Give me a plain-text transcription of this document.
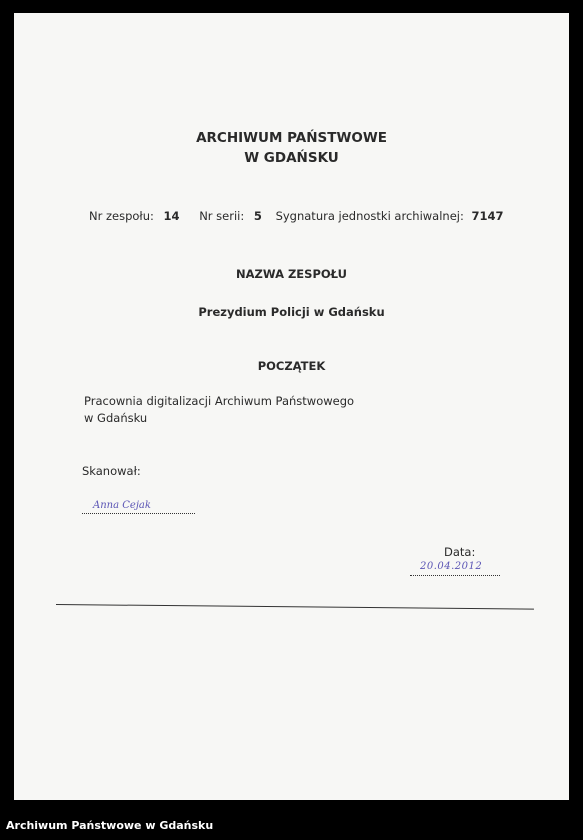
ARCHIWUM PAŃSTWOWE
W GDAŃSKU
Nr zespołu: 14 Nr serii: 5 Sygnatura jednostki archiwalnej: 7147
NAZWA ZESPOŁU
Prezydium Policji w Gdańsku
POCZĄTEK
Pracownia digitalizacji Archiwum Państwowego
w Gdańsku
Skanował:
Anna Cejak
Data:
20.04.2012
Archiwum Państwowe w Gdańsku
